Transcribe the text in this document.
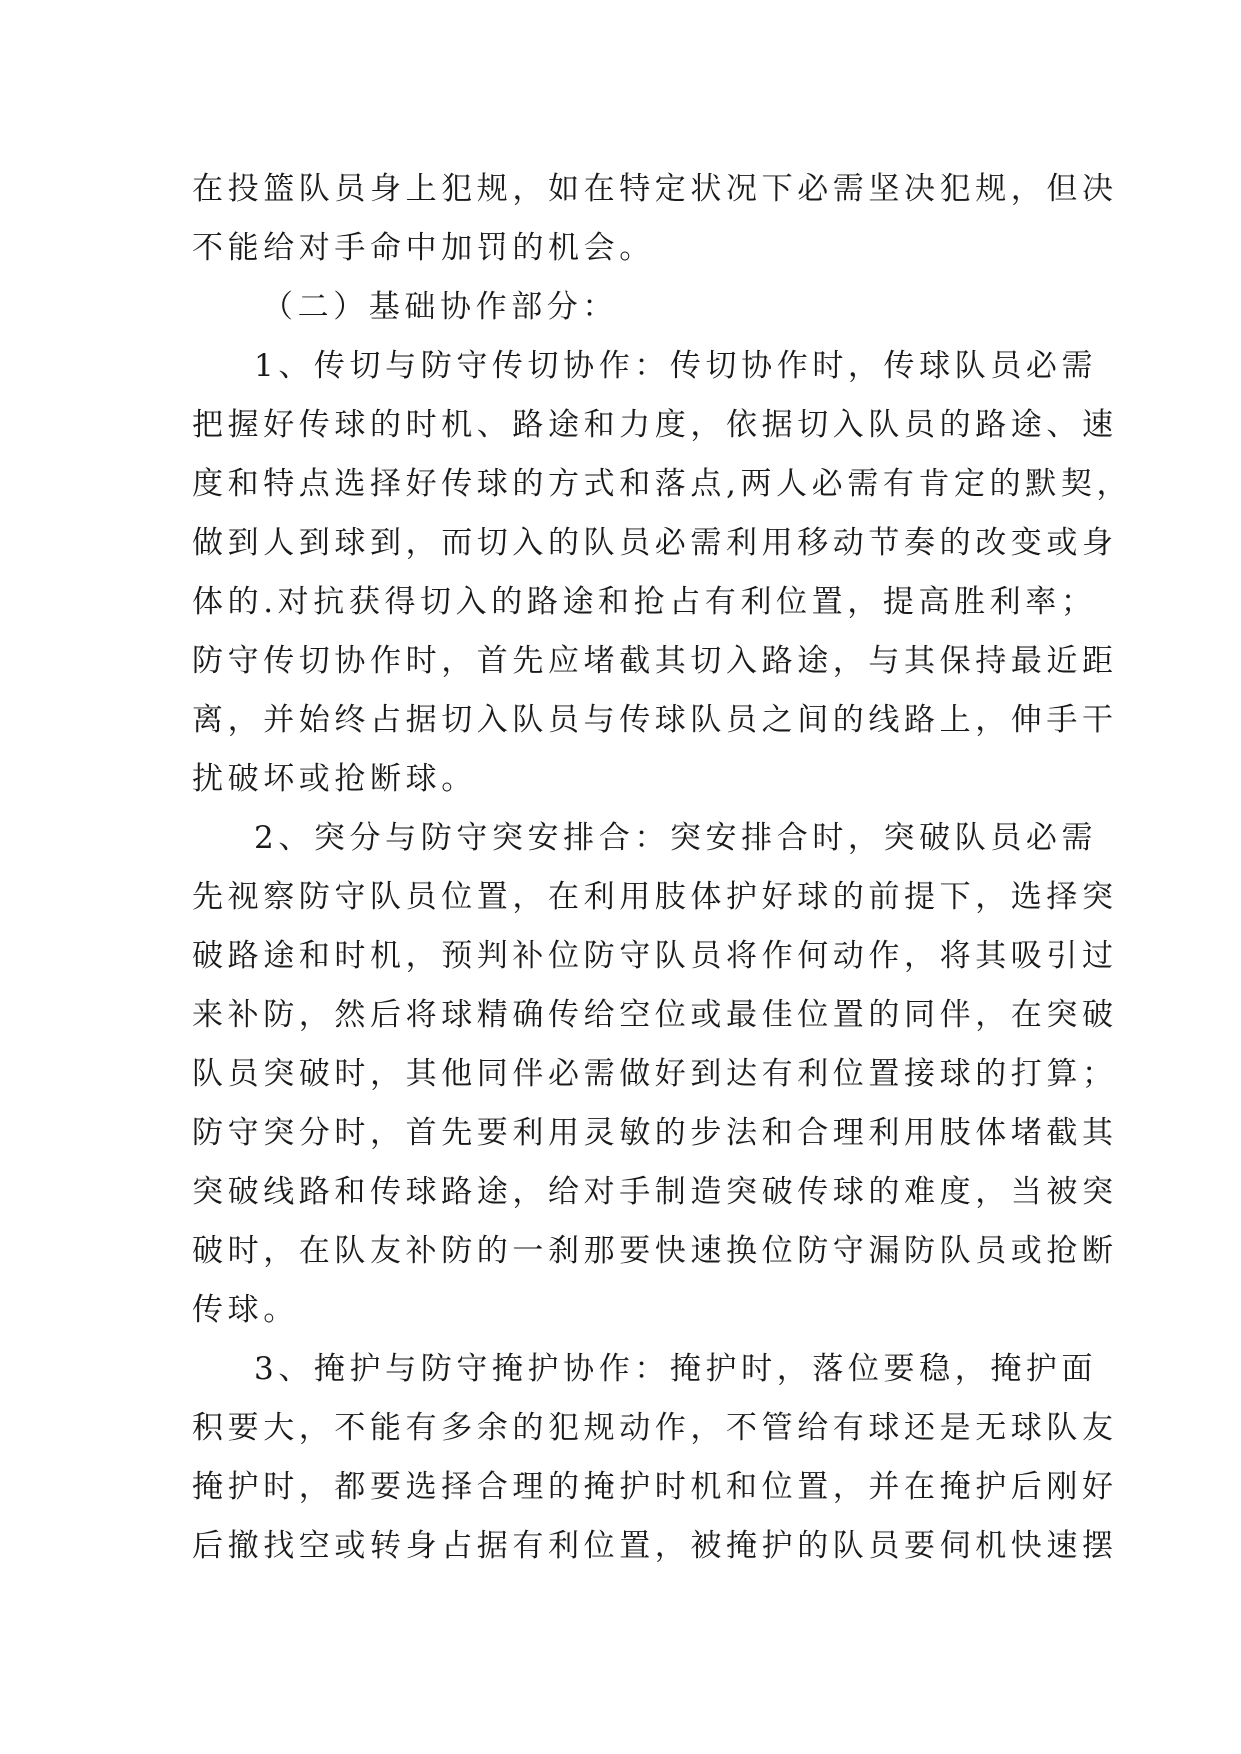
在投篮队员身上犯规，如在特定状况下必需坚决犯规，但决
不能给对手命中加罚的机会。
（二）基础协作部分：
1、传切与防守传切协作：传切协作时，传球队员必需
把握好传球的时机、路途和力度，依据切入队员的路途、速
度和特点选择好传球的方式和落点,两人必需有肯定的默契，
做到人到球到，而切入的队员必需利用移动节奏的改变或身
体的.对抗获得切入的路途和抢占有利位置，提高胜利率；
防守传切协作时，首先应堵截其切入路途，与其保持最近距
离，并始终占据切入队员与传球队员之间的线路上，伸手干
扰破坏或抢断球。
2、突分与防守突安排合：突安排合时，突破队员必需
先视察防守队员位置，在利用肢体护好球的前提下，选择突
破路途和时机，预判补位防守队员将作何动作，将其吸引过
来补防，然后将球精确传给空位或最佳位置的同伴，在突破
队员突破时，其他同伴必需做好到达有利位置接球的打算；
防守突分时，首先要利用灵敏的步法和合理利用肢体堵截其
突破线路和传球路途，给对手制造突破传球的难度，当被突
破时，在队友补防的一刹那要快速换位防守漏防队员或抢断
传球。
3、掩护与防守掩护协作：掩护时，落位要稳，掩护面
积要大，不能有多余的犯规动作，不管给有球还是无球队友
掩护时，都要选择合理的掩护时机和位置，并在掩护后刚好
后撤找空或转身占据有利位置，被掩护的队员要伺机快速摆
